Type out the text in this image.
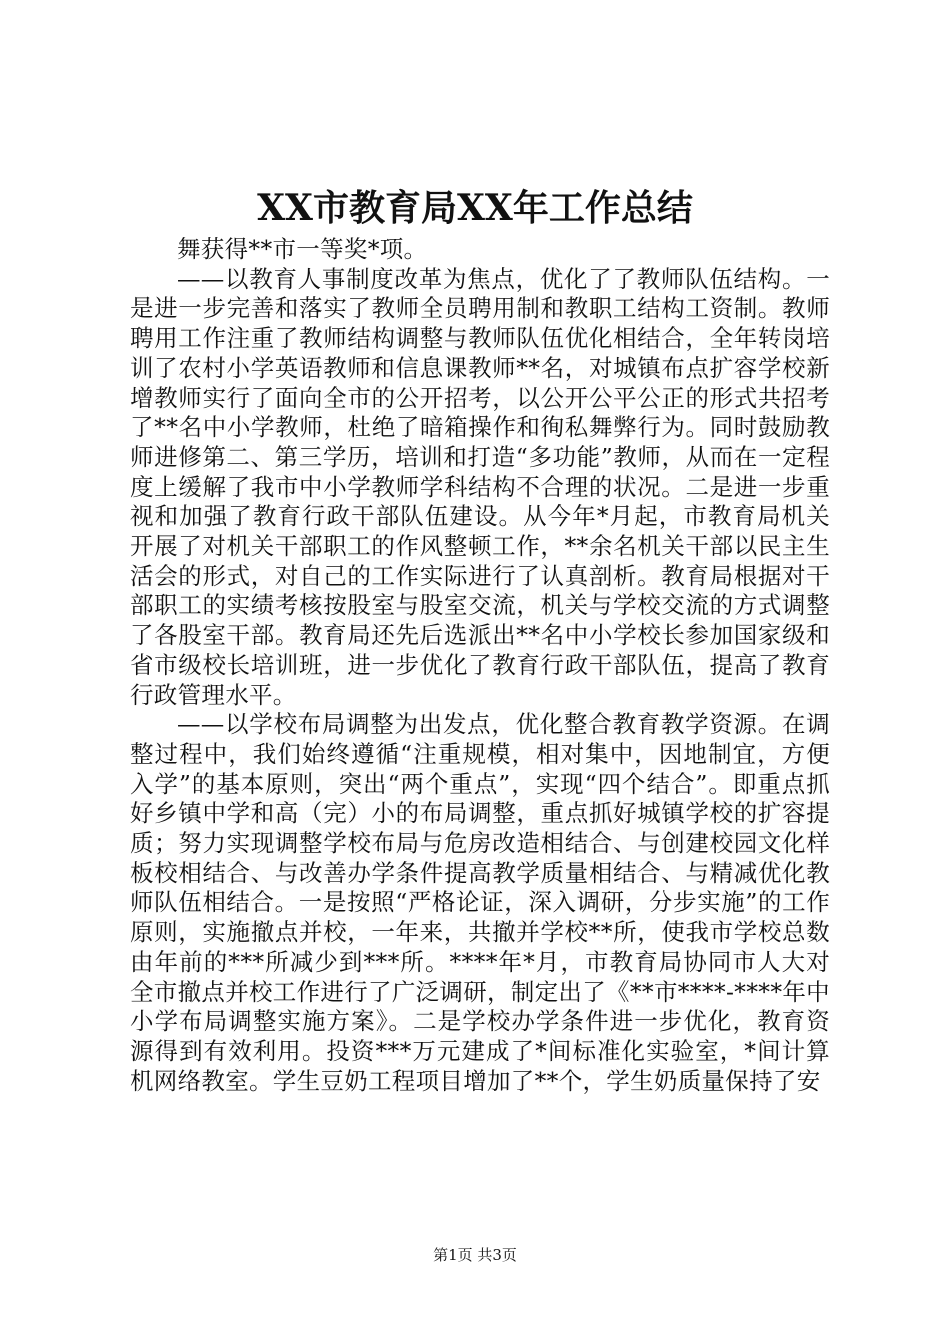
XX市教育局XX年工作总结

舞获得**市一等奖*项。

——以教育人事制度改革为焦点，优化了了教师队伍结构。一是进一步完善和落实了教师全员聘用制和教职工结构工资制。教师聘用工作注重了教师结构调整与教师队伍优化相结合，全年转岗培训了农村小学英语教师和信息课教师**名，对城镇布点扩容学校新增教师实行了面向全市的公开招考，以公开公平公正的形式共招考了**名中小学教师，杜绝了暗箱操作和徇私舞弊行为。同时鼓励教师进修第二、第三学历，培训和打造“多功能”教师，从而在一定程度上缓解了我市中小学教师学科结构不合理的状况。二是进一步重视和加强了教育行政干部队伍建设。从今年*月起，市教育局机关开展了对机关干部职工的作风整顿工作，**余名机关干部以民主生活会的形式，对自己的工作实际进行了认真剖析。教育局根据对干部职工的实绩考核按股室与股室交流，机关与学校交流的方式调整了各股室干部。教育局还先后选派出**名中小学校长参加国家级和省市级校长培训班，进一步优化了教育行政干部队伍，提高了教育行政管理水平。

——以学校布局调整为出发点，优化整合教育教学资源。在调整过程中，我们始终遵循“注重规模，相对集中，因地制宜，方便入学”的基本原则，突出“两个重点”，实现“四个结合”。即重点抓好乡镇中学和高（完）小的布局调整，重点抓好城镇学校的扩容提质；努力实现调整学校布局与危房改造相结合、与创建校园文化样板校相结合、与改善办学条件提高教学质量相结合、与精减优化教师队伍相结合。一是按照“严格论证，深入调研，分步实施”的工作原则，实施撤点并校，一年来，共撤并学校**所，使我市学校总数由年前的***所减少到***所。****年*月，市教育局协同市人大对全市撤点并校工作进行了广泛调研，制定出了《**市****-****年中小学布局调整实施方案》。二是学校办学条件进一步优化，教育资源得到有效利用。投资***万元建成了*间标准化实验室，*间计算机网络教室。学生豆奶工程项目增加了**个，学生奶质量保持了安

第1页 共3页
